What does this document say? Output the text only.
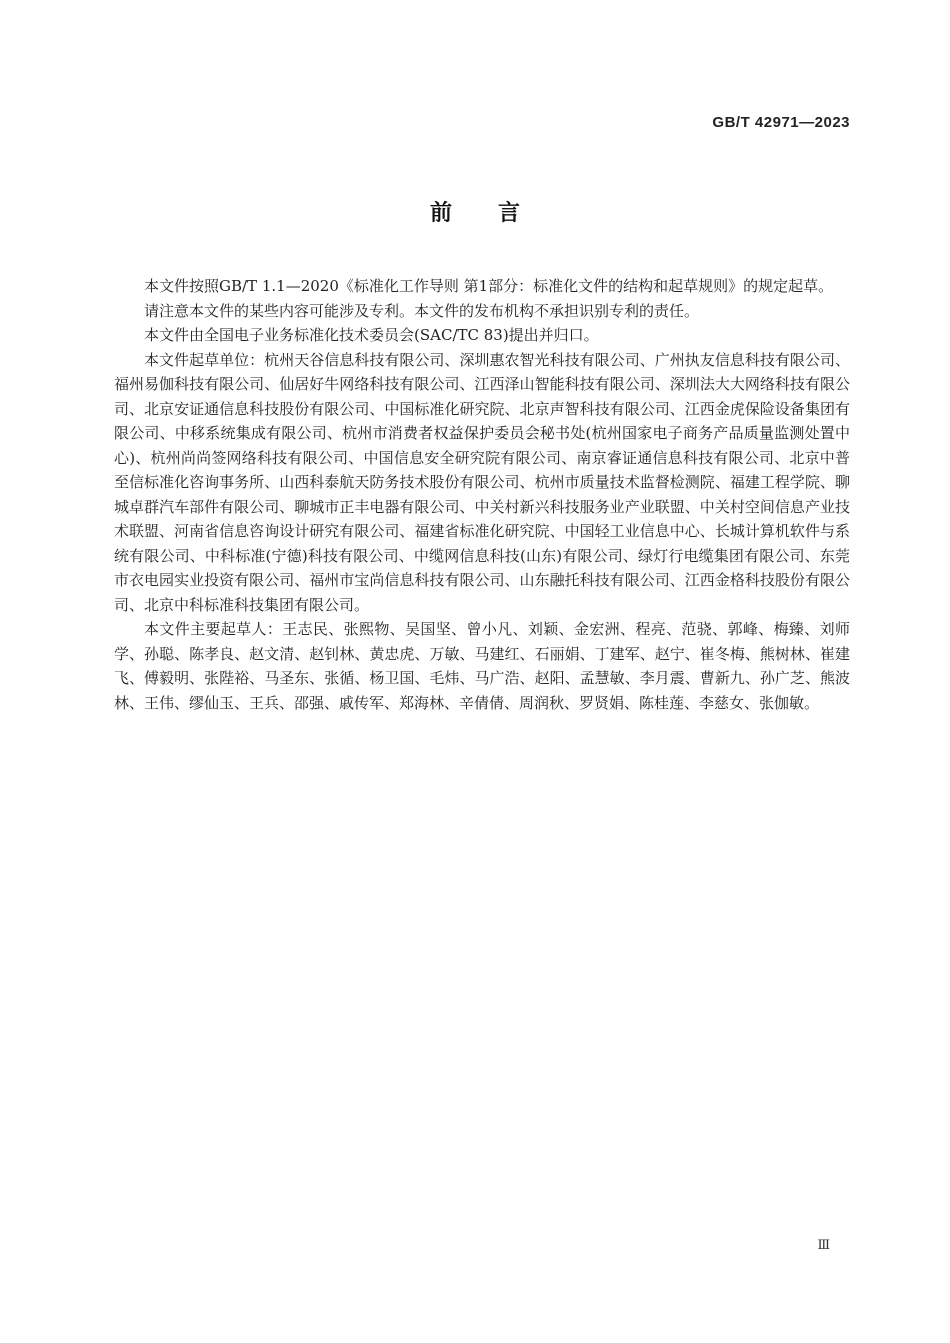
GB/T 42971—2023
前言

本文件按照GB/T 1.1—2020《标准化工作导则 第1部分：标准化文件的结构和起草规则》的规定起草。

请注意本文件的某些内容可能涉及专利。本文件的发布机构不承担识别专利的责任。

本文件由全国电子业务标准化技术委员会(SAC/TC 83)提出并归口。

本文件起草单位：杭州天谷信息科技有限公司、深圳惠农智光科技有限公司、广州执友信息科技有限公司、福州易伽科技有限公司、仙居好牛网络科技有限公司、江西泽山智能科技有限公司、深圳法大大网络科技有限公司、北京安证通信息科技股份有限公司、中国标准化研究院、北京声智科技有限公司、江西金虎保险设备集团有限公司、中移系统集成有限公司、杭州市消费者权益保护委员会秘书处(杭州国家电子商务产品质量监测处置中心)、杭州尚尚签网络科技有限公司、中国信息安全研究院有限公司、南京睿证通信息科技有限公司、北京中普至信标准化咨询事务所、山西科泰航天防务技术股份有限公司、杭州市质量技术监督检测院、福建工程学院、聊城卓群汽车部件有限公司、聊城市正丰电器有限公司、中关村新兴科技服务业产业联盟、中关村空间信息产业技术联盟、河南省信息咨询设计研究有限公司、福建省标准化研究院、中国轻工业信息中心、长城计算机软件与系统有限公司、中科标准(宁德)科技有限公司、中缆网信息科技(山东)有限公司、绿灯行电缆集团有限公司、东莞市衣电园实业投资有限公司、福州市宝尚信息科技有限公司、山东融托科技有限公司、江西金格科技股份有限公司、北京中科标准科技集团有限公司。

本文件主要起草人：王志民、张熙物、吴国坚、曾小凡、刘颖、金宏洲、程亮、范骁、郭峰、梅臻、刘师学、孙聪、陈孝良、赵文清、赵钊林、黄忠虎、万敏、马建红、石丽娟、丁建军、赵宁、崔冬梅、熊树林、崔建飞、傅毅明、张陛裕、马圣东、张循、杨卫国、毛炜、马广浩、赵阳、孟慧敏、李月震、曹新九、孙广芝、熊波林、王伟、缪仙玉、王兵、邵强、戚传军、郑海林、辛倩倩、周润秋、罗贤娟、陈桂莲、李慈女、张伽敏。

Ⅲ
